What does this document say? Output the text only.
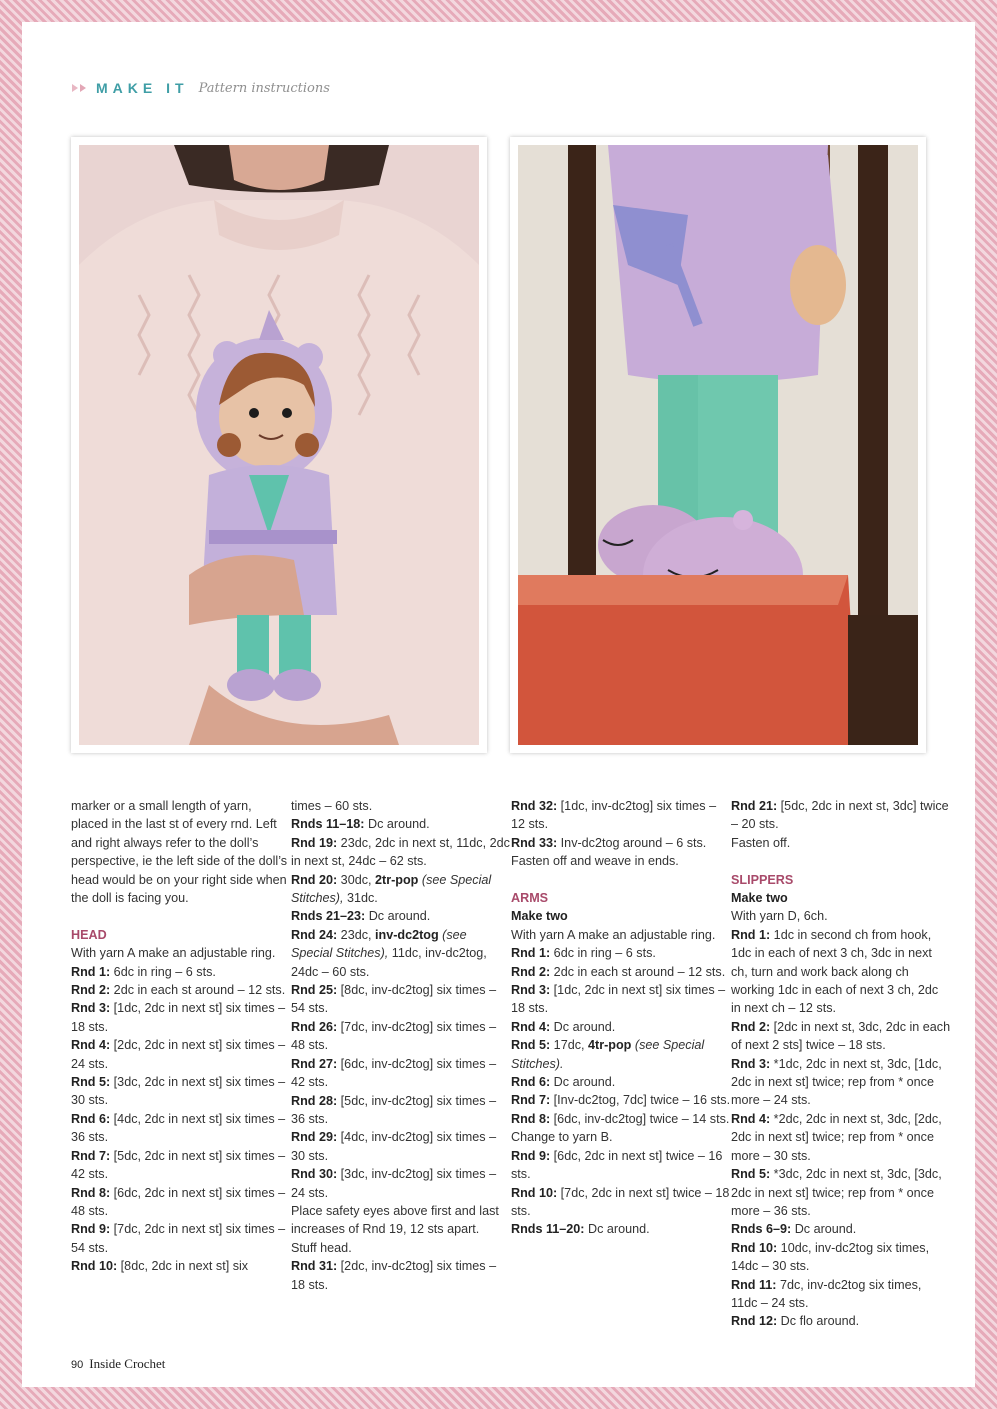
MAKE IT Pattern instructions

marker or a small length of yarn, placed in the last st of every rnd. Left and right always refer to the doll’s perspective, ie the left side of the doll’s head would be on your right side when the doll is facing you.

HEAD

With yarn A make an adjustable ring.

Rnd 1: 6dc in ring – 6 sts.

Rnd 2: 2dc in each st around – 12 sts.

Rnd 3: [1dc, 2dc in next st] six times – 18 sts.

Rnd 4: [2dc, 2dc in next st] six times – 24 sts.

Rnd 5: [3dc, 2dc in next st] six times – 30 sts.

Rnd 6: [4dc, 2dc in next st] six times – 36 sts.

Rnd 7: [5dc, 2dc in next st] six times – 42 sts.

Rnd 8: [6dc, 2dc in next st] six times – 48 sts.

Rnd 9: [7dc, 2dc in next st] six times – 54 sts.

Rnd 10: [8dc, 2dc in next st] six

times – 60 sts.

Rnds 11–18: Dc around.

Rnd 19: 23dc, 2dc in next st, 11dc, 2dc in next st, 24dc – 62 sts.

Rnd 20: 30dc, 2tr-pop (see Special Stitches), 31dc.

Rnds 21–23: Dc around.

Rnd 24: 23dc, inv-dc2tog (see Special Stitches), 11dc, inv-dc2tog, 24dc – 60 sts.

Rnd 25: [8dc, inv-dc2tog] six times – 54 sts.

Rnd 26: [7dc, inv-dc2tog] six times – 48 sts.

Rnd 27: [6dc, inv-dc2tog] six times – 42 sts.

Rnd 28: [5dc, inv-dc2tog] six times – 36 sts.

Rnd 29: [4dc, inv-dc2tog] six times – 30 sts.

Rnd 30: [3dc, inv-dc2tog] six times – 24 sts.

Place safety eyes above first and last increases of Rnd 19, 12 sts apart.

Stuff head.

Rnd 31: [2dc, inv-dc2tog] six times – 18 sts.

Rnd 32: [1dc, inv-dc2tog] six times – 12 sts.

Rnd 33: Inv-dc2tog around – 6 sts.

Fasten off and weave in ends.

ARMS

Make two

With yarn A make an adjustable ring.

Rnd 1: 6dc in ring – 6 sts.

Rnd 2: 2dc in each st around – 12 sts.

Rnd 3: [1dc, 2dc in next st] six times – 18 sts.

Rnd 4: Dc around.

Rnd 5: 17dc, 4tr-pop (see Special Stitches).

Rnd 6: Dc around.

Rnd 7: [Inv-dc2tog, 7dc] twice – 16 sts.

Rnd 8: [6dc, inv-dc2tog] twice – 14 sts.

Change to yarn B.

Rnd 9: [6dc, 2dc in next st] twice – 16 sts.

Rnd 10: [7dc, 2dc in next st] twice – 18 sts.

Rnds 11–20: Dc around.

Rnd 21: [5dc, 2dc in next st, 3dc] twice – 20 sts.

Fasten off.

SLIPPERS

Make two

With yarn D, 6ch.

Rnd 1: 1dc in second ch from hook, 1dc in each of next 3 ch, 3dc in next ch, turn and work back along ch working 1dc in each of next 3 ch, 2dc in next ch – 12 sts.

Rnd 2: [2dc in next st, 3dc, 2dc in each of next 2 sts] twice – 18 sts.

Rnd 3: *1dc, 2dc in next st, 3dc, [1dc, 2dc in next st] twice; rep from * once more – 24 sts.

Rnd 4: *2dc, 2dc in next st, 3dc, [2dc, 2dc in next st] twice; rep from * once more – 30 sts.

Rnd 5: *3dc, 2dc in next st, 3dc, [3dc, 2dc in next st] twice; rep from * once more – 36 sts.

Rnds 6–9: Dc around.

Rnd 10: 10dc, inv-dc2tog six times, 14dc – 30 sts.

Rnd 11: 7dc, inv-dc2tog six times, 11dc – 24 sts.

Rnd 12: Dc flo around.

90 Inside Crochet
